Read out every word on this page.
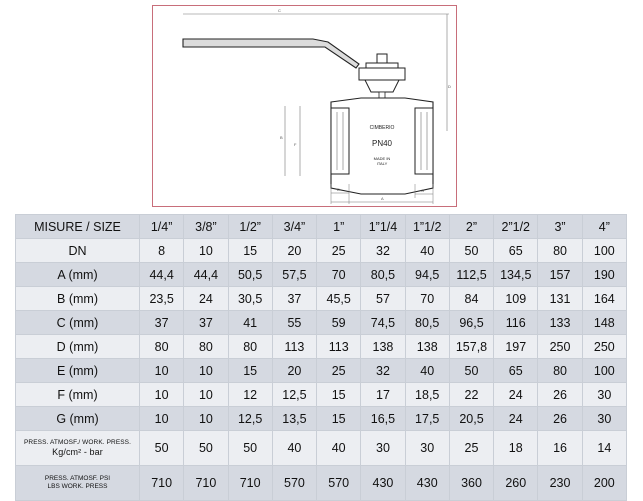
C
D
CIMBERIO
PN40
MADE IN
ITALY
B
F
E
A
G
MISURE / SIZE	1/4”	3/8”	1/2”	3/4”	1”	1”1/4	1”1/2	2”	2”1/2	3”	4”
DN	8	10	15	20	25	32	40	50	65	80	100
A (mm)	44,4	44,4	50,5	57,5	70	80,5	94,5	112,5	134,5	157	190
B (mm)	23,5	24	30,5	37	45,5	57	70	84	109	131	164
C (mm)	37	37	41	55	59	74,5	80,5	96,5	116	133	148
D (mm)	80	80	80	113	113	138	138	157,8	197	250	250
E (mm)	10	10	15	20	25	32	40	50	65	80	100
F (mm)	10	10	12	12,5	15	17	18,5	22	24	26	30
G (mm)	10	10	12,5	13,5	15	16,5	17,5	20,5	24	26	30

PRESS. ATMOSF./ WORK. PRESS.
Kg/cm² - bar	50	50	50	40	40	30	30	25	18	16	14

PRESS. ATMOSF. PSI
LBS WORK. PRESS	710	710	710	570	570	430	430	360	260	230	200
